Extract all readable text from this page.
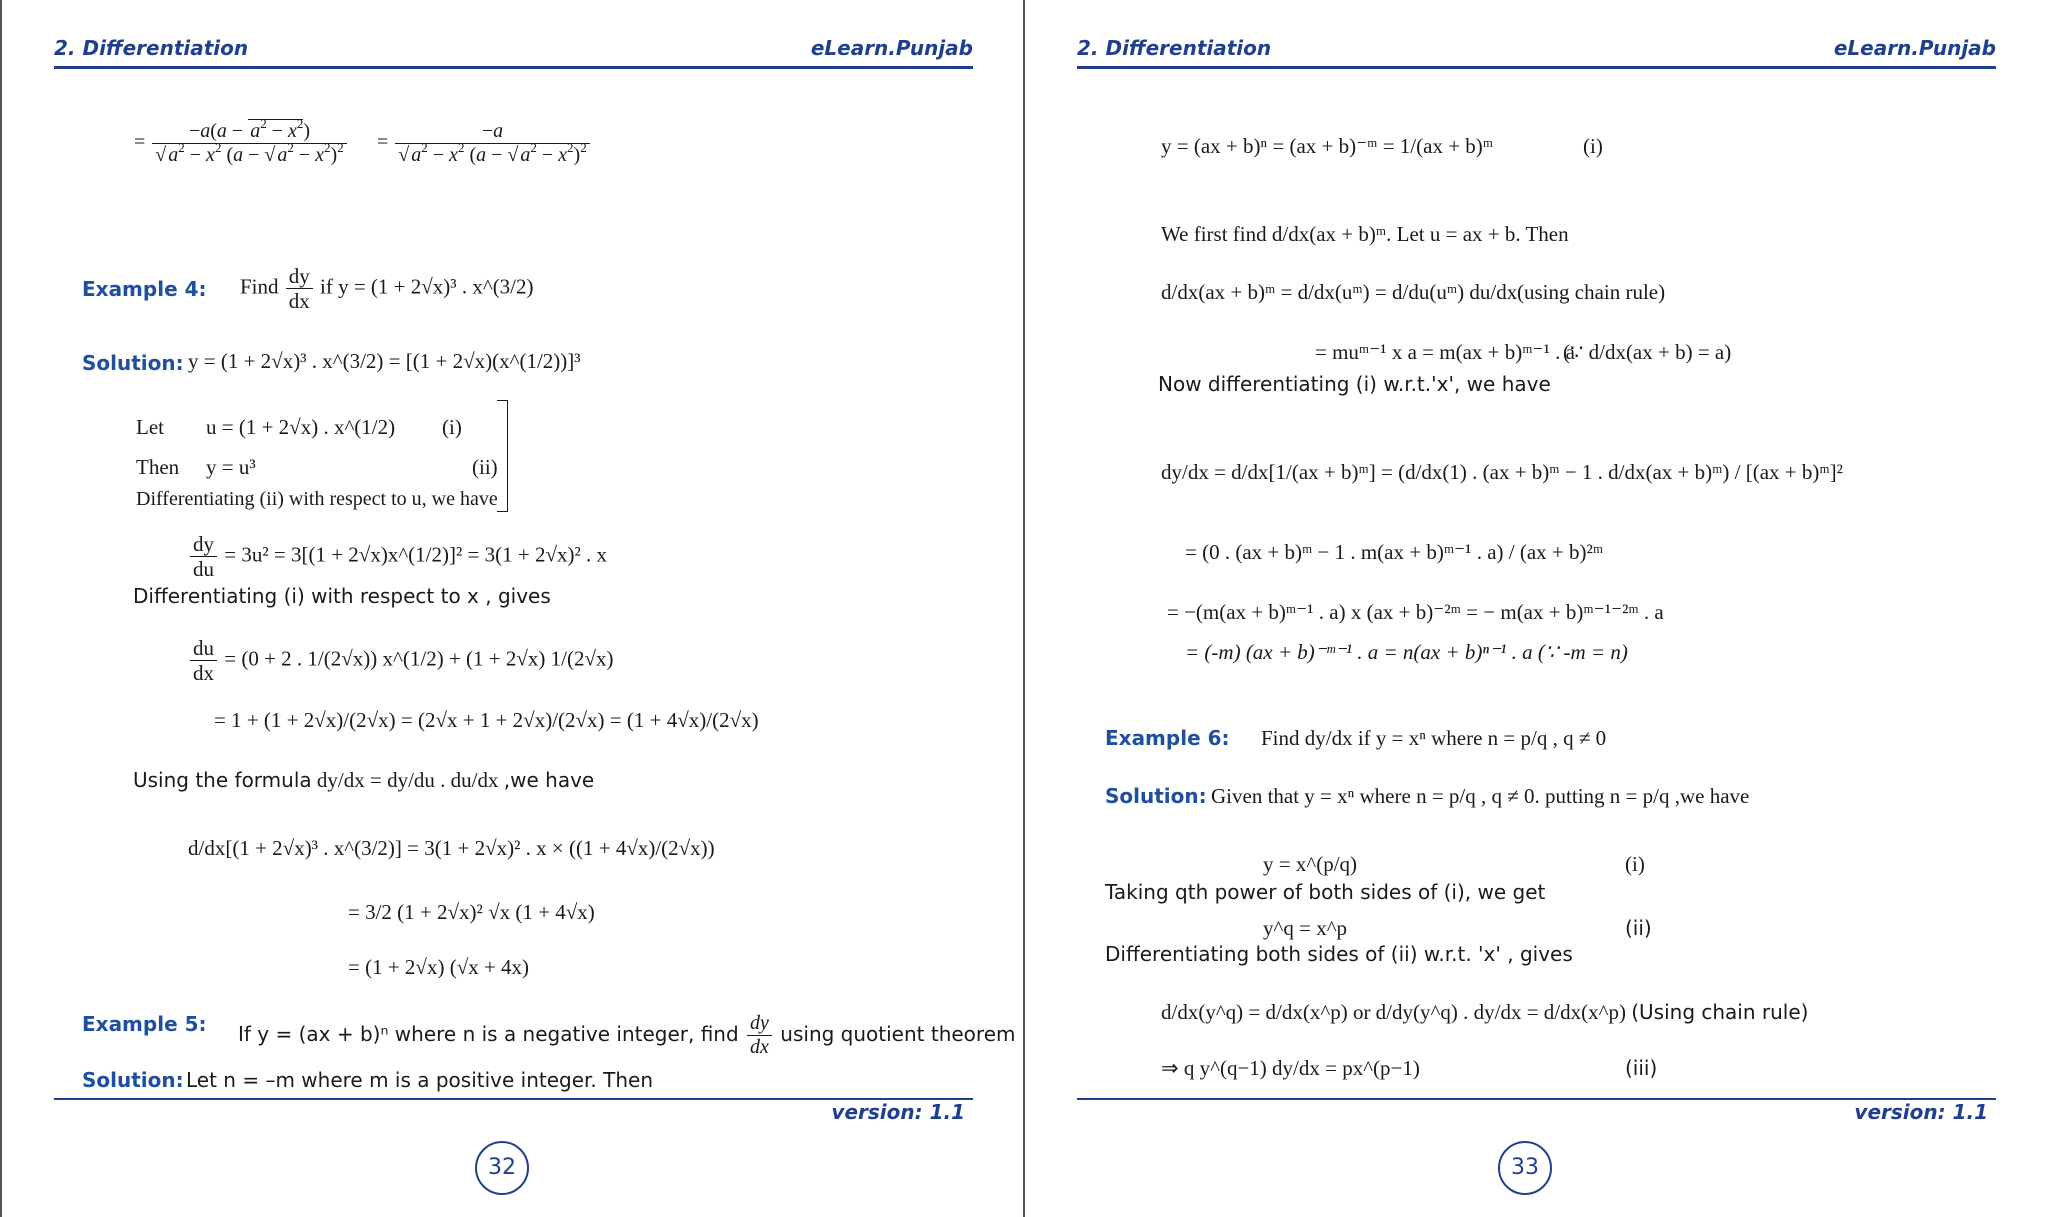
2. Differentiation	eLearn.Punjab
= $\frac{-a(a - a^2 - x^2)}{√ a^2 - x^2 (a - √ a^2 - x^2)^2} = \frac{-a}{√ a^2 - x^2 (a - √ a^2 - x^2)^2}$
Example 4: Find $\frac{dy}{dx}$ if y = (1 + 2√x)³ . x^(3/2)
Solution: y = (1 + 2√x)³ . x^(3/2) = [(1 + 2√x)(x^(1/2))]³
Let u = (1 + 2√x) . x^(1/2) (i)
Then y = u³	(ii)
Differentiating (ii) with respect to u, we have
$\frac{dy}{du} = 3u^2 = 3[(1$ + 2√x)x^(1/2)]² = 3(1 + 2√x)² . x
Differentiating (i) with respect to x , gives
$\frac{du}{dx} = (0 + 2$ . 1/(2√x)) x^(1/2) + (1 + 2√x) 1/(2√x)
= 1 + (1 + 2√x)/(2√x) = (2√x + 1 + 2√x)/(2√x) = (1 + 4√x)/(2√x)
Using the formula dy/dx = dy/du . du/dx ,we have
d/dx[(1 + 2√x)³ . x^(3/2)] = 3(1 + 2√x)² . x × ((1 + 4√x)/(2√x))
= 3/2 (1 + 2√x)² √x (1 + 4√x)
= (1 + 2√x) (√x + 4x)
Example 5: If y = (ax + b)ⁿ where n is a negative integer, find $\frac{dy}{dx}$ using quotient theorem
Solution: Let n = –m where m is a positive integer. Then
version: 1.1
32
2. Differentiation	eLearn.Punjab
y = (ax + b)ⁿ = (ax + b)⁻ᵐ = 1/(ax + b)ᵐ	(i)
We first find d/dx(ax + b)ᵐ. Let u = ax + b. Then
d/dx(ax + b)ᵐ = d/dx(uᵐ) = d/du(uᵐ) du/dx (using chain rule)
= muᵐ⁻¹ x a = m(ax + b)ᵐ⁻¹ . a
(∵ d/dx(ax + b) = a)
Now differentiating (i) w.r.t.'x', we have
dy/dx = d/dx[1/(ax + b)ᵐ] = (d/dx(1) . (ax + b)ᵐ − 1 . d/dx(ax + b)ᵐ) / [(ax + b)ᵐ]²
= (0 . (ax + b)ᵐ − 1 . m(ax + b)ᵐ⁻¹ . a) / (ax + b)²ᵐ
= −(m(ax + b)ᵐ⁻¹ . a) x (ax + b)⁻²ᵐ = − m(ax + b)ᵐ⁻¹⁻²ᵐ . a
= (-m) (ax + b)⁻ᵐ⁻¹ . a = n(ax + b)ⁿ⁻¹ . a (∵ -m = n)
Example 6: Find dy/dx if y = xⁿ where n = p/q , q ≠ 0
Solution: Given that y = xⁿ where n = p/q , q ≠ 0. putting n = p/q ,we have
y = x^(p/q)	(i)
Taking qth power of both sides of (i), we get
y^q = x^p	(ii)
Differentiating both sides of (ii) w.r.t. 'x' , gives
d/dx(y^q) = d/dx(x^p) or d/dy(y^q) . dy/dx = d/dx(x^p) (Using chain rule)
⇒ q y^(q−1) dy/dx = px^(p−1)	(iii)
version: 1.1
33
